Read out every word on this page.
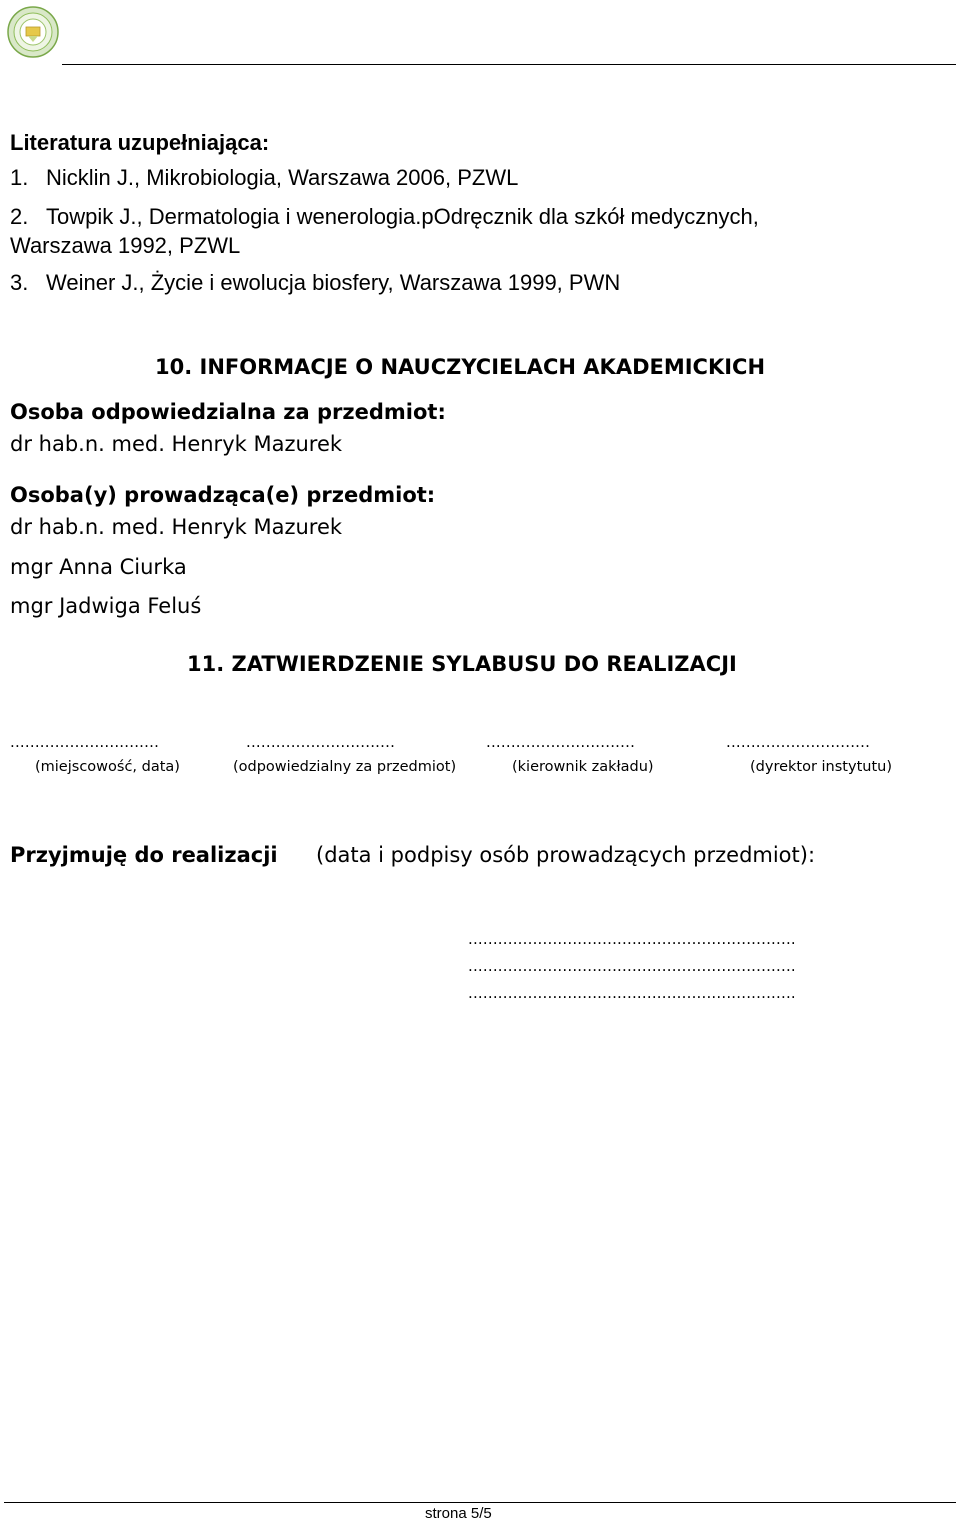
Literatura uzupełniająca:
1. Nicklin J., Mikrobiologia, Warszawa 2006, PZWL
2. Towpik J., Dermatologia i wenerologia.pOdręcznik dla szkół medycznych,
Warszawa 1992, PZWL
3. Weiner J., Życie i ewolucja biosfery, Warszawa 1999, PWN
10. INFORMACJE O NAUCZYCIELACH AKADEMICKICH
Osoba odpowiedzialna za przedmiot:
dr hab.n. med. Henryk Mazurek
Osoba(y) prowadząca(e) przedmiot:
dr hab.n. med. Henryk Mazurek
mgr Anna Ciurka
mgr Jadwiga Feluś
11. ZATWIERDZENIE SYLABUSU DO REALIZACJI
..............................	..............................	..............................	.............................
(miejscowość, data)	(odpowiedzialny za przedmiot)	(kierownik zakładu)	(dyrektor instytutu)
Przyjmuję do realizacji (data i podpisy osób prowadzących przedmiot):
..................................................................
..................................................................
..................................................................
strona 5/5
